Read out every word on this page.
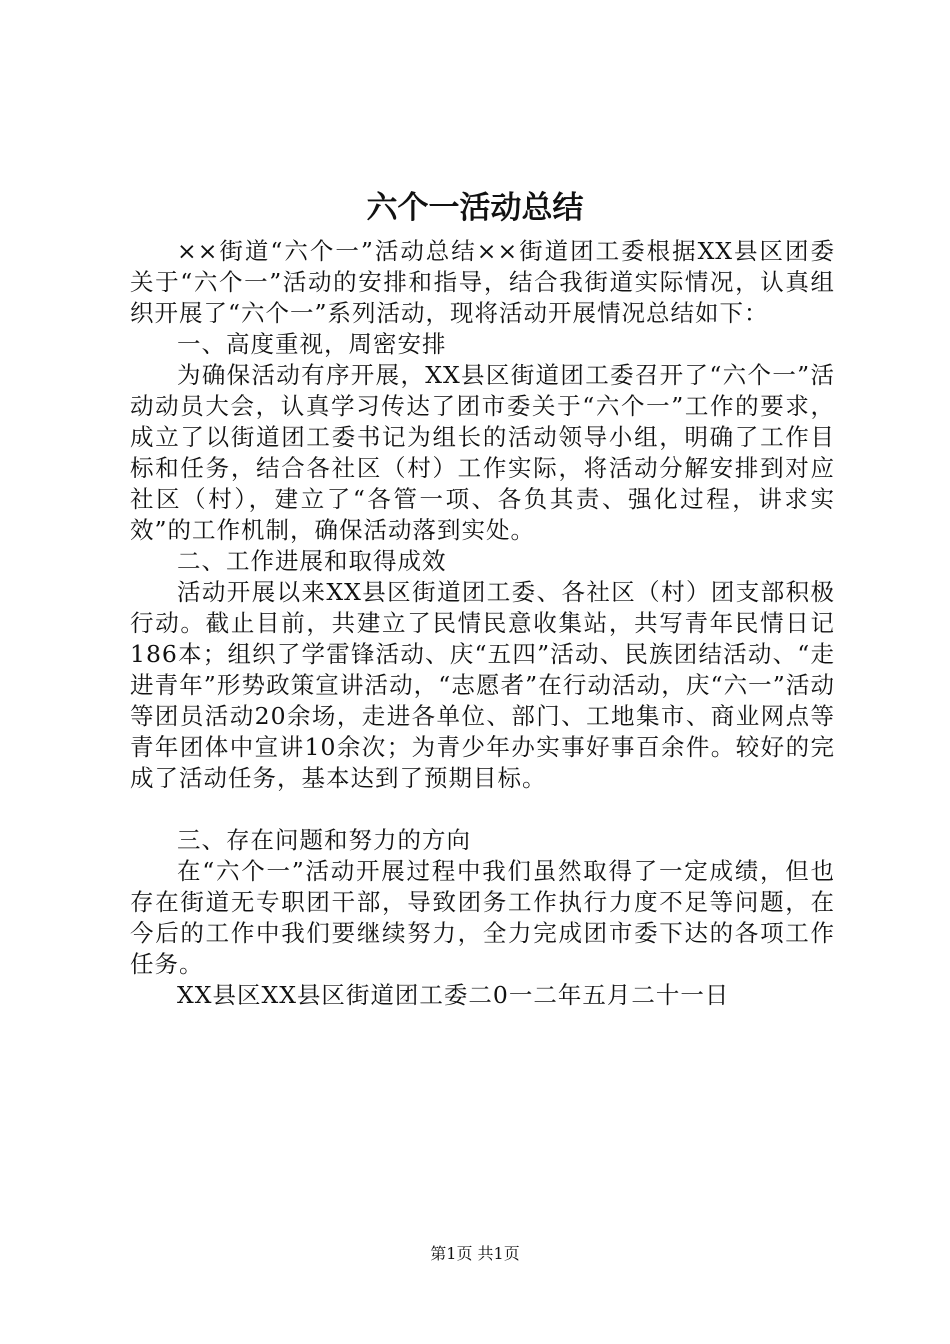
六个一活动总结

××街道“六个一”活动总结××街道团工委根据XX县区团委关于“六个一”活动的安排和指导，结合我街道实际情况，认真组织开展了“六个一”系列活动，现将活动开展情况总结如下：

一、高度重视，周密安排

为确保活动有序开展，XX县区街道团工委召开了“六个一”活动动员大会，认真学习传达了团市委关于“六个一”工作的要求，成立了以街道团工委书记为组长的活动领导小组，明确了工作目标和任务，结合各社区（村）工作实际，将活动分解安排到对应社区（村），建立了“各管一项、各负其责、强化过程，讲求实效”的工作机制，确保活动落到实处。

二、工作进展和取得成效

活动开展以来XX县区街道团工委、各社区（村）团支部积极行动。截止目前，共建立了民情民意收集站，共写青年民情日记186本；组织了学雷锋活动、庆“五四”活动、民族团结活动、“走进青年”形势政策宣讲活动，“志愿者”在行动活动，庆“六一”活动等团员活动20余场，走进各单位、部门、工地集市、商业网点等青年团体中宣讲10余次；为青少年办实事好事百余件。较好的完成了活动任务，基本达到了预期目标。

三、存在问题和努力的方向

在“六个一”活动开展过程中我们虽然取得了一定成绩，但也存在街道无专职团干部，导致团务工作执行力度不足等问题，在今后的工作中我们要继续努力，全力完成团市委下达的各项工作任务。

XX县区XX县区街道团工委二0一二年五月二十一日

第1页 共1页
